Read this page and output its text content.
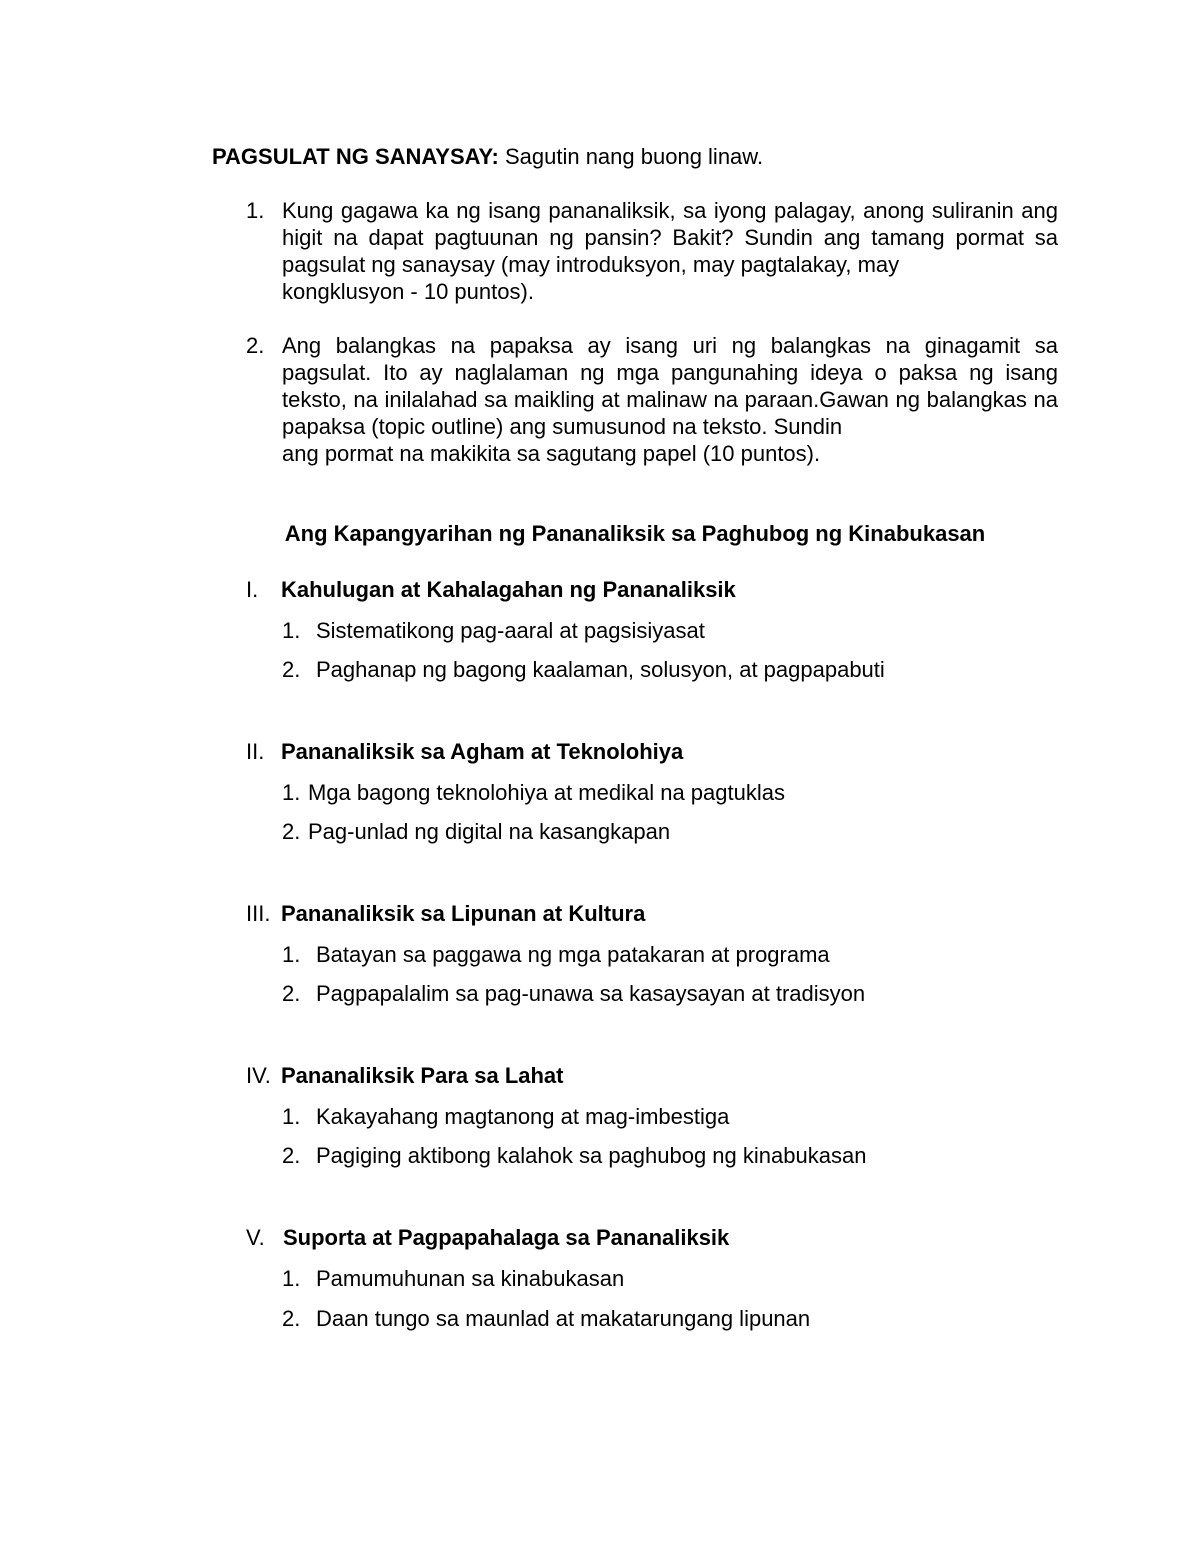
PAGSULAT NG SANAYSAY: Sagutin nang buong linaw.
1. Kung gagawa ka ng isang pananaliksik, sa iyong palagay, anong suliranin ang higit na dapat pagtuunan ng pansin? Bakit? Sundin ang tamang pormat sa pagsulat ng sanaysay (may introduksyon, may pagtalakay, may
kongklusyon - 10 puntos).
2. Ang balangkas na papaksa ay isang uri ng balangkas na ginagamit sa pagsulat. Ito ay naglalaman ng mga pangunahing ideya o paksa ng isang teksto, na inilalahad sa maikling at malinaw na paraan.Gawan ng balangkas na papaksa (topic outline) ang sumusunod na teksto. Sundin
ang pormat na makikita sa sagutang papel (10 puntos).
Ang Kapangyarihan ng Pananaliksik sa Paghubog ng Kinabukasan
I. Kahulugan at Kahalagahan ng Pananaliksik
1. Sistematikong pag-aaral at pagsisiyasat
2. Paghanap ng bagong kaalaman, solusyon, at pagpapabuti
II. Pananaliksik sa Agham at Teknolohiya
1. Mga bagong teknolohiya at medikal na pagtuklas
2. Pag-unlad ng digital na kasangkapan
III. Pananaliksik sa Lipunan at Kultura
1. Batayan sa paggawa ng mga patakaran at programa
2. Pagpapalalim sa pag-unawa sa kasaysayan at tradisyon
IV. Pananaliksik Para sa Lahat
1. Kakayahang magtanong at mag-imbestiga
2. Pagiging aktibong kalahok sa paghubog ng kinabukasan
V. Suporta at Pagpapahalaga sa Pananaliksik
1. Pamumuhunan sa kinabukasan
2. Daan tungo sa maunlad at makatarungang lipunan
